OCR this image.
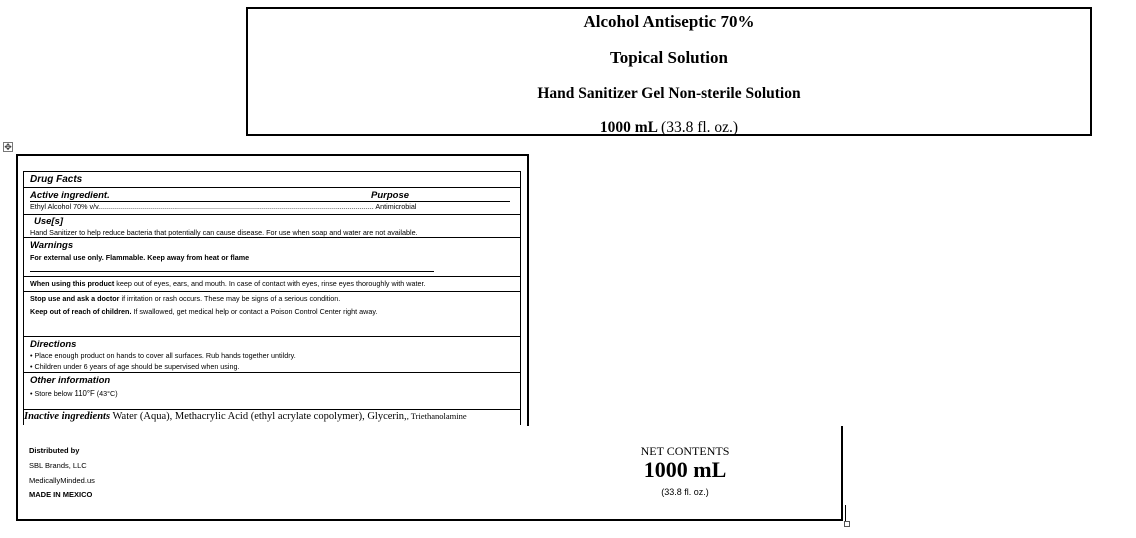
Alcohol Antiseptic 70%
Topical Solution
Hand Sanitizer Gel Non-sterile Solution
1000 mL (33.8 fl. oz.)
✥
Drug Facts
Active ingredient.	Purpose
Ethyl Alcohol 70% v/v.......................................................................................................................................... Antimicrobial
Use[s]
Hand Sanitizer to help reduce bacteria that potentially can cause disease. For use when soap and water are not available.
Warnings
For external use only. Flammable. Keep away from heat or flame
When using this product keep out of eyes, ears, and mouth. In case of contact with eyes, rinse eyes thoroughly with water.
Stop use and ask a doctor if irritation or rash occurs. These may be signs of a serious condition.
Keep out of reach of children. If swallowed, get medical help or contact a Poison Control Center right away.
Directions
• Place enough product on hands to cover all surfaces. Rub hands together untildry.
• Children under 6 years of age should be supervised when using.
Other information
• Store below 110°F (43°C)
Inactive ingredients Water (Aqua), Methacrylic Acid (ethyl acrylate copolymer), Glycerin,, Triethanolamine
Distributed by
SBL Brands, LLC
MedicallyMinded.us
MADE IN MEXICO
NET CONTENTS
1000 mL
(33.8 fl. oz.)
